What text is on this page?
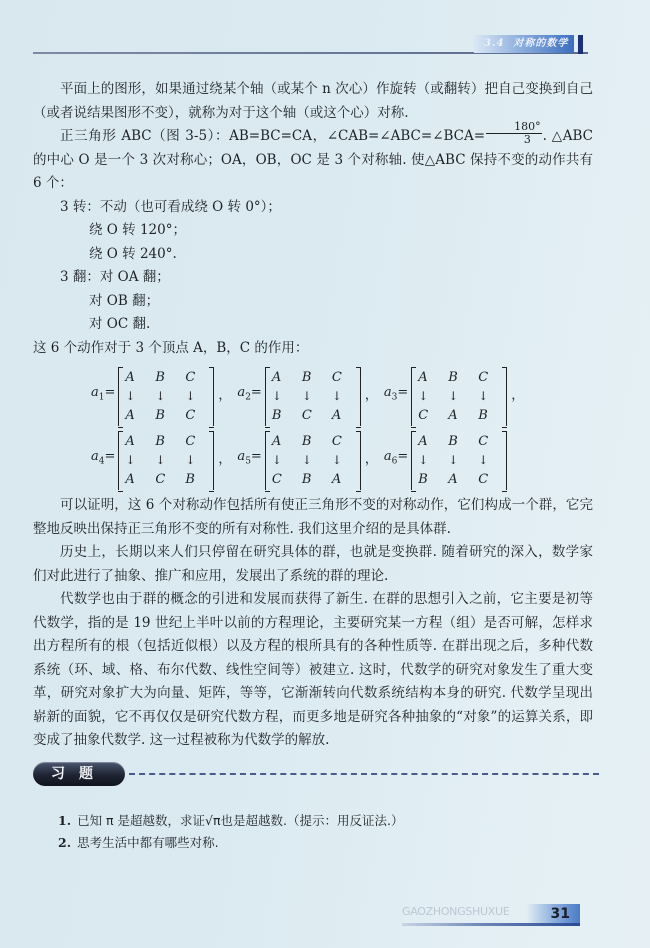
3.4 对称的数学

平面上的图形，如果通过绕某个轴（或某个 n 次心）作旋转（或翻转）把自己变换到自己（或者说结果图形不变），就称为对于这个轴（或这个心）对称.

正三角形 ABC（图 3-5）：AB=BC=CA，∠CAB=∠ABC=∠BCA= $\frac{180^\circ}{3}$ . △ABC 的中心 O 是一个 3 次对称心；OA，OB，OC 是 3 个对称轴. 使△ABC 保持不变的动作共有 6 个：

3 转：不动（也可看成绕 O 转 0°）；
绕 O 转 120°；
绕 O 转 240°.
3 翻：对 OA 翻；
对 OB 翻；
对 OC 翻.

这 6 个动作对于 3 个顶点 A，B，C 的作用：

$a_1=$
A	B	C
↓	↓	↓
A	B	C
， $a_2=$
A	B	C
↓	↓	↓
B	C	A
， $a_3=$
A	B	C
↓	↓	↓
C	A	B
，
$a_4=$
A	B	C
↓	↓	↓
A	C	B
， $a_5=$
A	B	C
↓	↓	↓
C	B	A
， $a_6=$
A	B	C
↓	↓	↓
B	A	C

可以证明，这 6 个对称动作包括所有使正三角形不变的对称动作，它们构成一个群，它完整地反映出保持正三角形不变的所有对称性. 我们这里介绍的是具体群.

历史上，长期以来人们只停留在研究具体的群，也就是变换群. 随着研究的深入，数学家们对此进行了抽象、推广和应用，发展出了系统的群的理论.

代数学也由于群的概念的引进和发展而获得了新生. 在群的思想引入之前，它主要是初等代数学，指的是 19 世纪上半叶以前的方程理论，主要研究某一方程（组）是否可解，怎样求出方程所有的根（包括近似根）以及方程的根所具有的各种性质等. 在群出现之后，多种代数系统（环、域、格、布尔代数、线性空间等）被建立. 这时，代数学的研究对象发生了重大变革，研究对象扩大为向量、矩阵，等等，它渐渐转向代数系统结构本身的研究. 代数学呈现出崭新的面貌，它不再仅仅是研究代数方程，而更多地是研究各种抽象的“对象”的运算关系，即变成了抽象代数学. 这一过程被称为代数学的解放.

习题
1. 已知 π 是超越数，求证√π也是超越数.（提示：用反证法.）
2. 思考生活中都有哪些对称.
GAOZHONGSHUXUE	31
